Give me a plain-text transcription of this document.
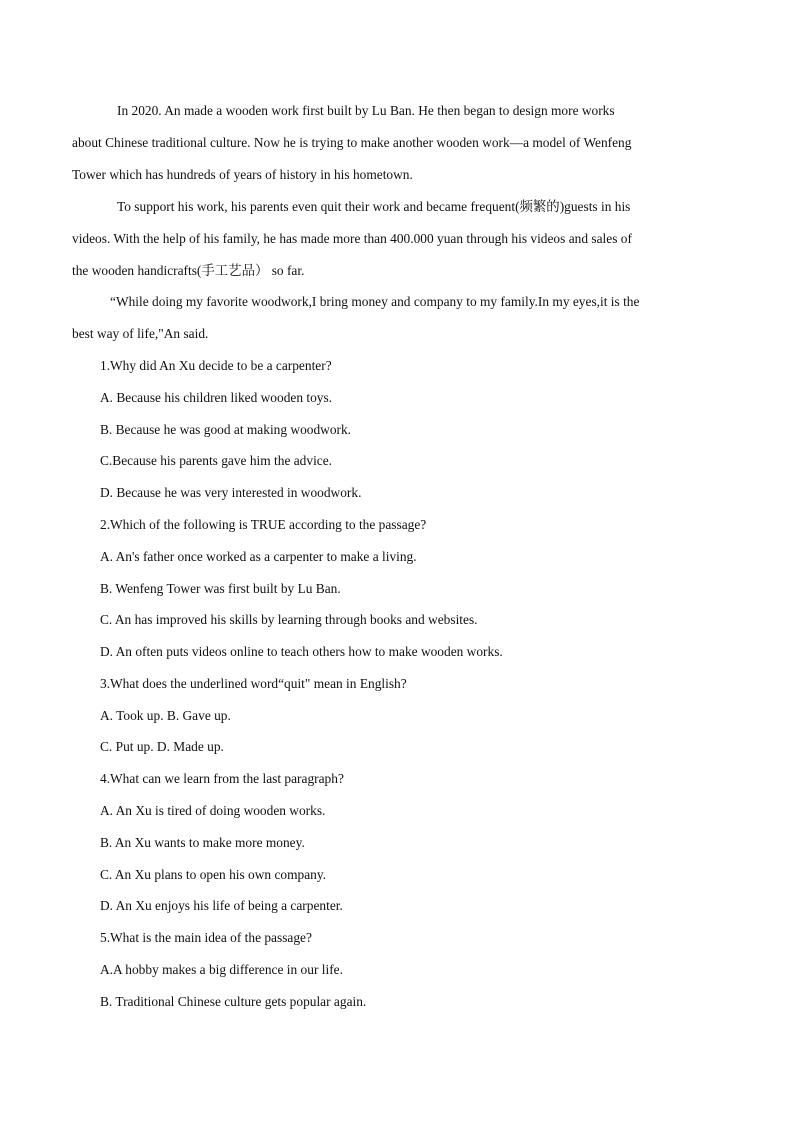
In 2020. An made a wooden work first built by Lu Ban. He then began to design more works
about Chinese traditional culture. Now he is trying to make another wooden work—a model of Wenfeng
Tower which has hundreds of years of history in his hometown.
To support his work, his parents even quit their work and became frequent(频繁的)guests in his
videos. With the help of his family, he has made more than 400.000 yuan through his videos and sales of
the wooden handicrafts(手工艺品） so far.
“While doing my favorite woodwork,I bring money and company to my family.In my eyes,it is the
best way of life,"An said.
1.Why did An Xu decide to be a carpenter?
A. Because his children liked wooden toys.
B. Because he was good at making woodwork.
C.Because his parents gave him the advice.
D. Because he was very interested in woodwork.
2.Which of the following is TRUE according to the passage?
A. An's father once worked as a carpenter to make a living.
B. Wenfeng Tower was first built by Lu Ban.
C. An has improved his skills by learning through books and websites.
D. An often puts videos online to teach others how to make wooden works.
3.What does the underlined word“quit" mean in English?
A. Took up. B. Gave up.
C. Put up. D. Made up.
4.What can we learn from the last paragraph?
A. An Xu is tired of doing wooden works.
B. An Xu wants to make more money.
C. An Xu plans to open his own company.
D. An Xu enjoys his life of being a carpenter.
5.What is the main idea of the passage?
A.A hobby makes a big difference in our life.
B. Traditional Chinese culture gets popular again.
